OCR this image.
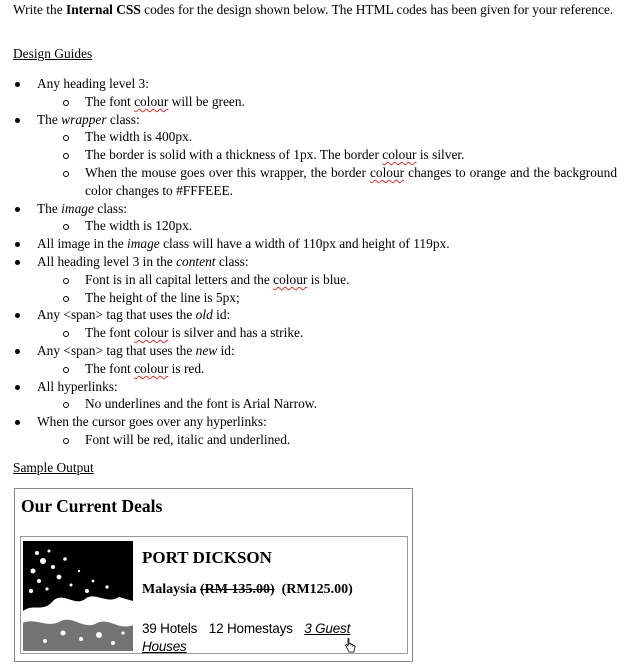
Write the Internal CSS codes for the design shown below. The HTML codes has been given for your reference.
Design Guides
Any heading level 3:
The font colour will be green.
The wrapper class:
The width is 400px.
The border is solid with a thickness of 1px. The border colour is silver.
When the mouse goes over this wrapper, the border colour changes to orange and the background color changes to #FFFEEE.
The image class:
The width is 120px.
All image in the image class will have a width of 110px and height of 119px.
All heading level 3 in the content class:
Font is in all capital letters and the colour is blue.
The height of the line is 5px;
Any <span> tag that uses the old id:
The font colour is silver and has a strike.
Any <span> tag that uses the new id:
The font colour is red.
All hyperlinks:
No underlines and the font is Arial Narrow.
When the cursor goes over any hyperlinks:
Font will be red, italic and underlined.
Sample Output
Our Current Deals
PORT DICKSON
Malaysia (RM 135.00) (RM125.00)
39 Hotels 12 Homestays 3 Guest Houses
